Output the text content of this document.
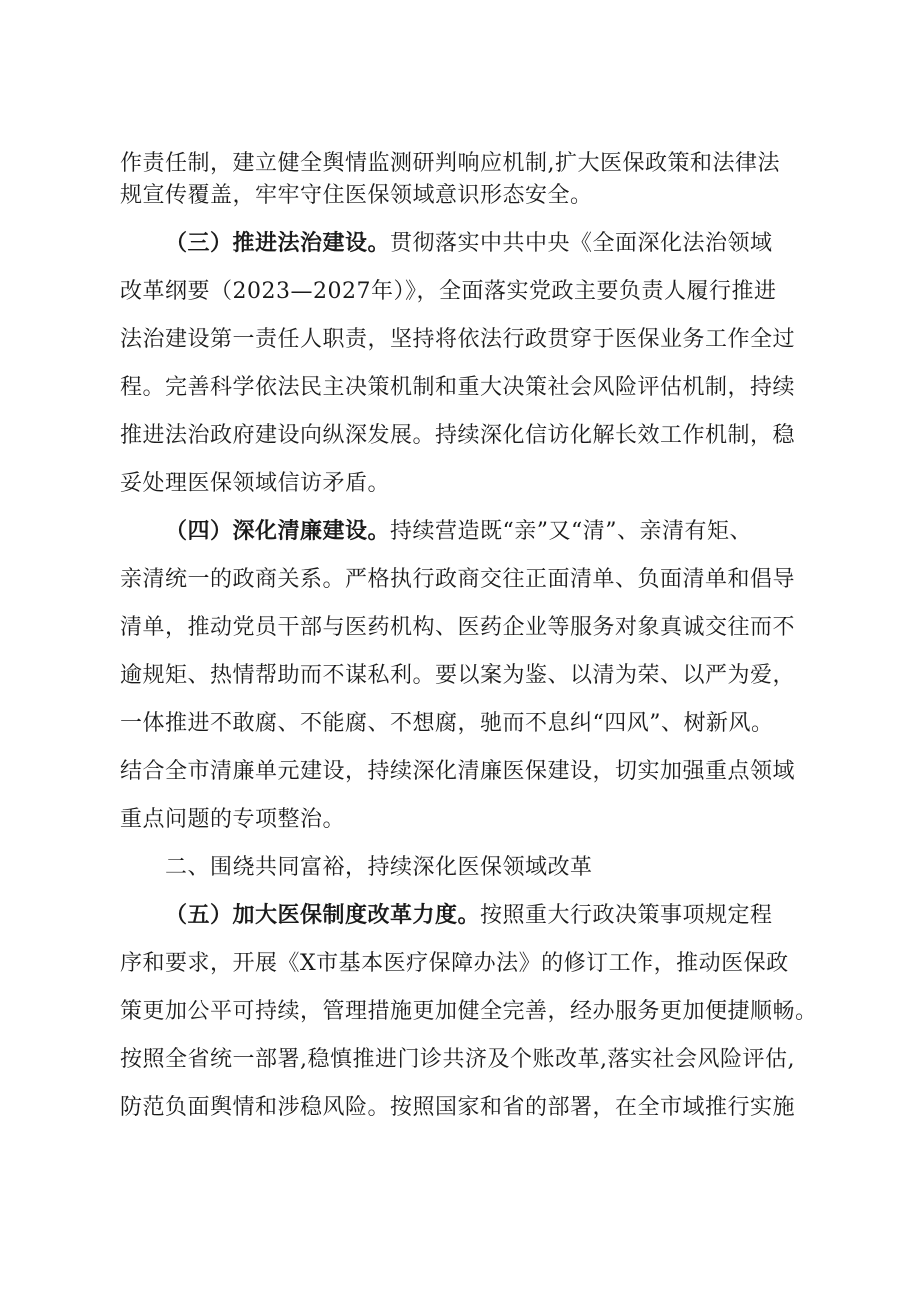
作责任制，建立健全舆情监测研判响应机制,扩大医保政策和法律法
规宣传覆盖，牢牢守住医保领域意识形态安全。
（三）推进法治建设。贯彻落实中共中央《全面深化法治领域
改革纲要（2023—2027年）》，全面落实党政主要负责人履行推进
法治建设第一责任人职责，坚持将依法行政贯穿于医保业务工作全过
程。完善科学依法民主决策机制和重大决策社会风险评估机制，持续
推进法治政府建设向纵深发展。持续深化信访化解长效工作机制，稳
妥处理医保领域信访矛盾。
（四）深化清廉建设。持续营造既“亲”又“清”、亲清有矩、
亲清统一的政商关系。严格执行政商交往正面清单、负面清单和倡导
清单，推动党员干部与医药机构、医药企业等服务对象真诚交往而不
逾规矩、热情帮助而不谋私利。要以案为鉴、以清为荣、以严为爱，
一体推进不敢腐、不能腐、不想腐，驰而不息纠“四风”、树新风。
结合全市清廉单元建设，持续深化清廉医保建设，切实加强重点领域
重点问题的专项整治。
二、围绕共同富裕，持续深化医保领域改革
（五）加大医保制度改革力度。按照重大行政决策事项规定程
序和要求，开展《X市基本医疗保障办法》的修订工作，推动医保政
策更加公平可持续，管理措施更加健全完善，经办服务更加便捷顺畅。
按照全省统一部署,稳慎推进门诊共济及个账改革,落实社会风险评估,
防范负面舆情和涉稳风险。按照国家和省的部署，在全市域推行实施
